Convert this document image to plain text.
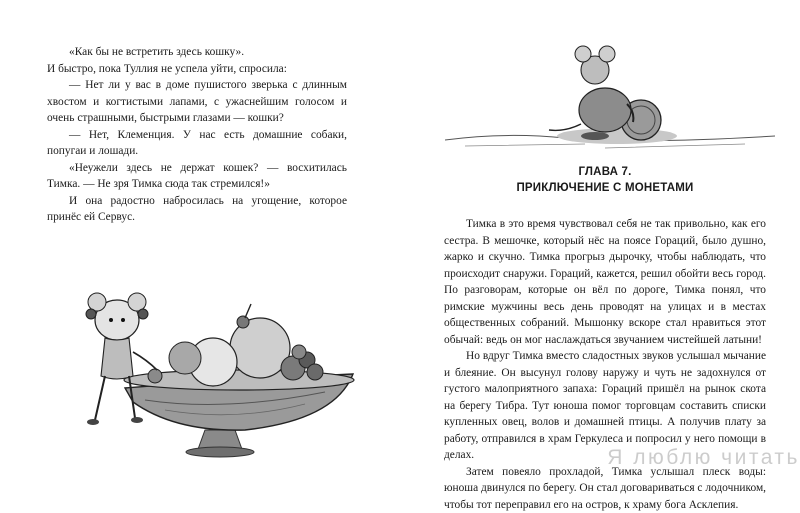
«Как бы не встретить здесь кошку».

И быстро, пока Туллия не успела уйти, спросила:

— Нет ли у вас в доме пушистого зверька с длинным хвостом и когтистыми лапами, с ужаснейшим голосом и очень страшными, быстрыми глазами — кошки?

— Нет, Клеменция. У нас есть домашние собаки, попугаи и лошади.

«Неужели здесь не держат кошек? — восхитилась Тимка. — Не зря Тимка сюда так стремился!»

И она радостно набросилась на угощение, которое принёс ей Сервус.

ГЛАВА 7.
ПРИКЛЮЧЕНИЕ С МОНЕТАМИ

Тимка в это время чувствовал себя не так привольно, как его сестра. В мешочке, который нёс на поясе Гораций, было душно, жарко и скучно. Тимка прогрыз дырочку, чтобы наблюдать, что происходит снаружи. Гораций, кажется, решил обойти весь город. По разговорам, которые он вёл по дороге, Тимка понял, что римские мужчины весь день проводят на улицах и в местах общественных собраний. Мышонку вскоре стал нравиться этот обычай: ведь он мог наслаждаться звучанием чистейшей латыни!

Но вдруг Тимка вместо сладостных звуков услышал мычание и блеяние. Он высунул голову наружу и чуть не задохнулся от густого малоприятного запаха: Гораций пришёл на рынок скота на берегу Тибра. Тут юноша помог торговцам составить списки купленных овец, волов и домашней птицы. А получив плату за работу, отправился в храм Геркулеса и попросил у него помощи в делах.

Затем повеяло прохладой, Тимка услышал плеск воды: юноша двинулся по берегу. Он стал договариваться с лодочником, чтобы тот переправил его на остров, к храму бога Асклепия.

Я люблю читать
